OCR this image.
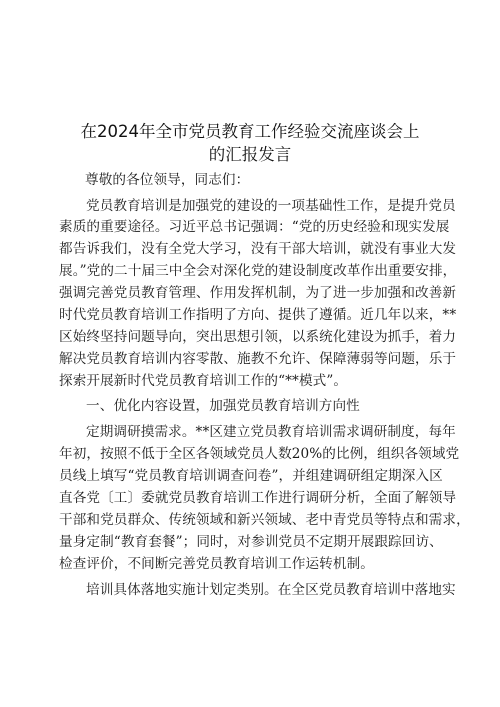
在2024年全市党员教育工作经验交流座谈会上
的汇报发言
尊敬的各位领导，同志们：
党员教育培训是加强党的建设的一项基础性工作，是提升党员
素质的重要途径。习近平总书记强调：“党的历史经验和现实发展
都告诉我们，没有全党大学习，没有干部大培训，就没有事业大发
展。”党的二十届三中全会对深化党的建设制度改革作出重要安排，
强调完善党员教育管理、作用发挥机制，为了进一步加强和改善新
时代党员教育培训工作指明了方向、提供了遵循。近几年以来，**
区始终坚持问题导向，突出思想引领，以系统化建设为抓手，着力
解决党员教育培训内容零散、施教不允许、保障薄弱等问题，乐于
探索开展新时代党员教育培训工作的“**模式”。
一、优化内容设置，加强党员教育培训方向性
定期调研摸需求。**区建立党员教育培训需求调研制度，每年
年初，按照不低于全区各领域党员人数20%的比例，组织各领域党
员线上填写“党员教育培训调查问卷”，并组建调研组定期深入区
直各党〔工〕委就党员教育培训工作进行调研分析，全面了解领导
干部和党员群众、传统领域和新兴领域、老中青党员等特点和需求，
量身定制“教育套餐”；同时，对参训党员不定期开展跟踪回访、
检查评价，不间断完善党员教育培训工作运转机制。
培训具体落地实施计划定类别。在全区党员教育培训中落地实
